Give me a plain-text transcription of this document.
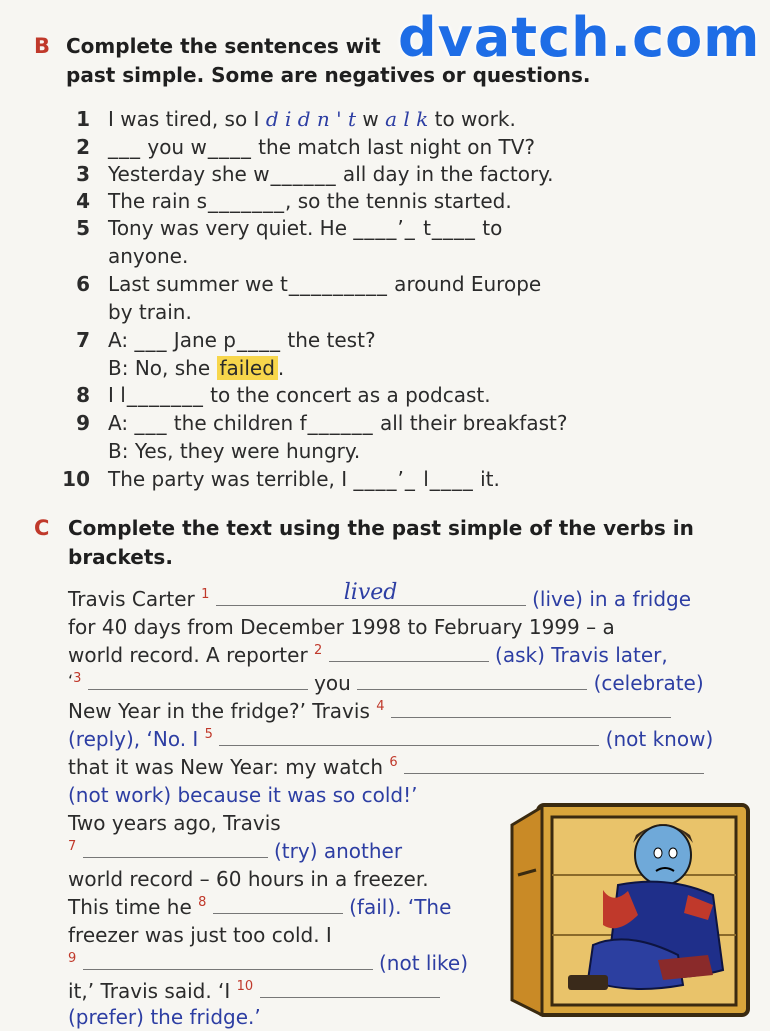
B Complete the sentences wit
past simple. Some are negatives or questions.
1 I was tired, so I d i d n ' t w a l k to work.
2 ___ you w____ the match last night on TV?
3 Yesterday she w______ all day in the factory.
4 The rain s_______, so the tennis started.
5 Tony was very quiet. He ____’_ t____ to
anyone.
6 Last summer we t_________ around Europe
by train.
7 A: ___ Jane p____ the test?
B: No, she failed .
8 I l_______ to the concert as a podcast.
9 A: ___ the children f______ all their breakfast?
B: Yes, they were hungry.
10 The party was terrible, I ____’_ l____ it.
C Complete the text using the past simple of the verbs in
brackets.
Travis Carter $^1$	lived	(live) in a fridge
for 40 days from December 1998 to February 1999 – a
world record. A reporter $^2$	(ask) Travis later,
$^{‘3}$	you	(celebrate)
New Year in the fridge?’ Travis $^4$
(reply), ‘No. I $^5$	(not know)
that it was New Year: my watch $^6$
(not work) because it was so cold!’
Two years ago, Travis
$^7$	(try) another
world record – 60 hours in a freezer.
This time he $^8$	(fail). ‘The
freezer was just too cold. I
$^9$	(not like)
it,’ Travis said. ‘I $^{10}$
(prefer) the fridge.’
dvatch.com
